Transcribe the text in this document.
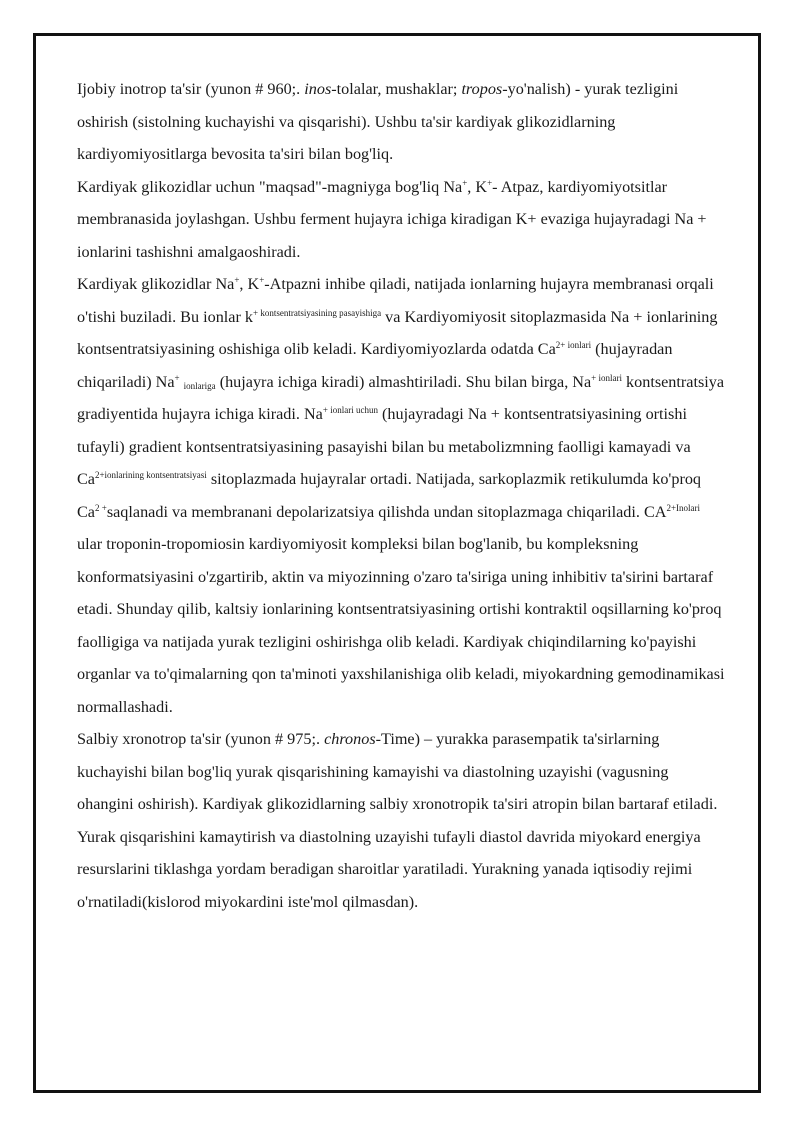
Ijobiy inotrop ta'sir (yunon # 960;. inos-tolalar, mushaklar; tropos-yo'nalish) - yurak tezligini oshirish (sistolning kuchayishi va qisqarishi). Ushbu ta'sir kardiyak glikozidlarning kardiyomiyositlarga bevosita ta'siri bilan bog'liq.

Kardiyak glikozidlar uchun "maqsad"-magniyga bog'liq Na+, K+- Atpaz, kardiyomiyotsitlar membranasida joylashgan. Ushbu ferment hujayra ichiga kiradigan K+ evaziga hujayradagi Na + ionlarini tashishni amalgaoshiradi.

Kardiyak glikozidlar Na+, K+-Atpazni inhibe qiladi, natijada ionlarning hujayra membranasi orqali o'tishi buziladi. Bu ionlar $k^{+ kontsentratsiyasining pasayishiga}$ va Kardiyomiyosit sitoplazmasida Na + ionlarining kontsentratsiyasining oshishiga olib keladi. Kardiyomiyozlarda odatda $Ca^{2+ ionlari}$ (hujayradan chiqariladi) Na+ $_{ionlariga}$ (hujayra ichiga kiradi) almashtiriladi. Shu bilan birga, $Na^{+ ionlari}$ kontsentratsiya gradiyentida hujayra ichiga kiradi. $Na^{+ ionlari uchun}$ (hujayradagi Na + kontsentratsiyasining ortishi tufayli) gradient kontsentratsiyasining pasayishi bilan bu metabolizmning faolligi kamayadi va $Ca^{2+ionlarining kontsentratsiyasi}$ sitoplazmada hujayralar ortadi. Natijada, sarkoplazmik retikulumda ko'proq $Ca^{2 +}saqlanadi$ va membranani depolarizatsiya qilishda undan sitoplazmaga chiqariladi. $CA^{2+Inolari}$ ular troponin-tropomiosin kardiyomiyosit kompleksi bilan bog'lanib, bu kompleksning konformatsiyasini o'zgartirib, aktin va miyozinning o'zaro ta'siriga uning inhibitiv ta'sirini bartaraf etadi. Shunday qilib, kaltsiy ionlarining kontsentratsiyasining ortishi kontraktil oqsillarning ko'proq faolligiga va natijada yurak tezligini oshirishga olib keladi. Kardiyak chiqindilarning ko'payishi organlar va to'qimalarning qon ta'minoti yaxshilanishiga olib keladi, miyokardning gemodinamikasi normallashadi.

Salbiy xronotrop ta'sir (yunon # 975;. chronos-Time) – yurakka parasempatik ta'sirlarning kuchayishi bilan bog'liq yurak qisqarishining kamayishi va diastolning uzayishi (vagusning ohangini oshirish). Kardiyak glikozidlarning salbiy xronotropik ta'siri atropin bilan bartaraf etiladi. Yurak qisqarishini kamaytirish va diastolning uzayishi tufayli diastol davrida miyokard energiya resurslarini tiklashga yordam beradigan sharoitlar yaratiladi. Yurakning yanada iqtisodiy rejimi o'rnatiladi(kislorod miyokardini iste'mol qilmasdan).
